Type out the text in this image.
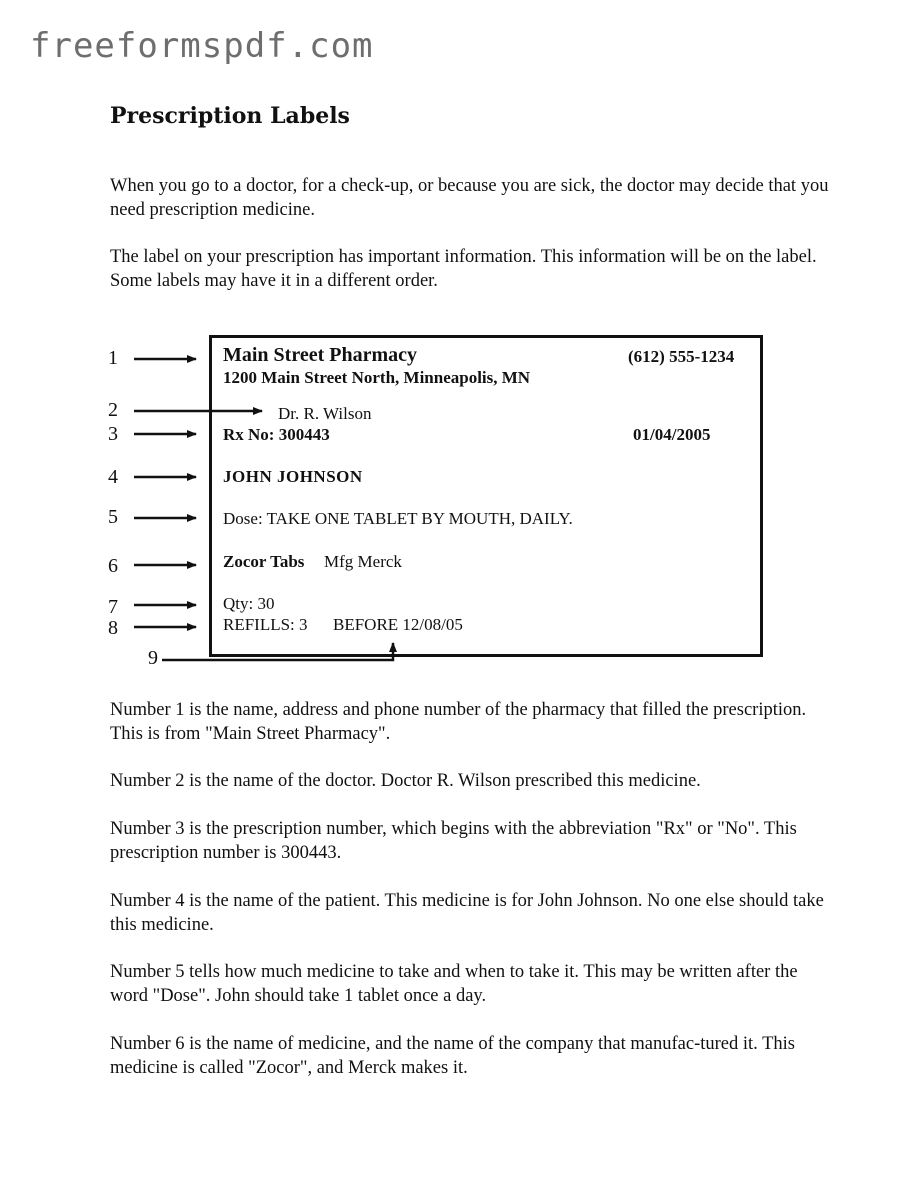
freeformspdf.com
Prescription Labels
When you go to a doctor, for a check-up, or because you are sick, the doctor may decide that you need prescription medicine.
The label on your prescription has important information. This information will be on the label. Some labels may have it in a different order.
Main Street Pharmacy	(612) 555-1234
1200 Main Street North, Minneapolis, MN
Dr. R. Wilson
Rx No: 300443	01/04/2005
JOHN JOHNSON
Dose: TAKE ONE TABLET BY MOUTH, DAILY.
Zocor Tabs Mfg Merck
Qty: 30
REFILLS: 3 BEFORE 12/08/05
1
2
3
4
5
6
7
8
9
Number 1 is the name, address and phone number of the pharmacy that filled the prescription. This is from "Main Street Pharmacy".
Number 2 is the name of the doctor. Doctor R. Wilson prescribed this medicine.
Number 3 is the prescription number, which begins with the abbreviation "Rx" or "No". This prescription number is 300443.
Number 4 is the name of the patient. This medicine is for John Johnson. No one else should take this medicine.
Number 5 tells how much medicine to take and when to take it. This may be written after the word "Dose". John should take 1 tablet once a day.
Number 6 is the name of medicine, and the name of the company that manufac-tured it. This medicine is called "Zocor", and Merck makes it.
